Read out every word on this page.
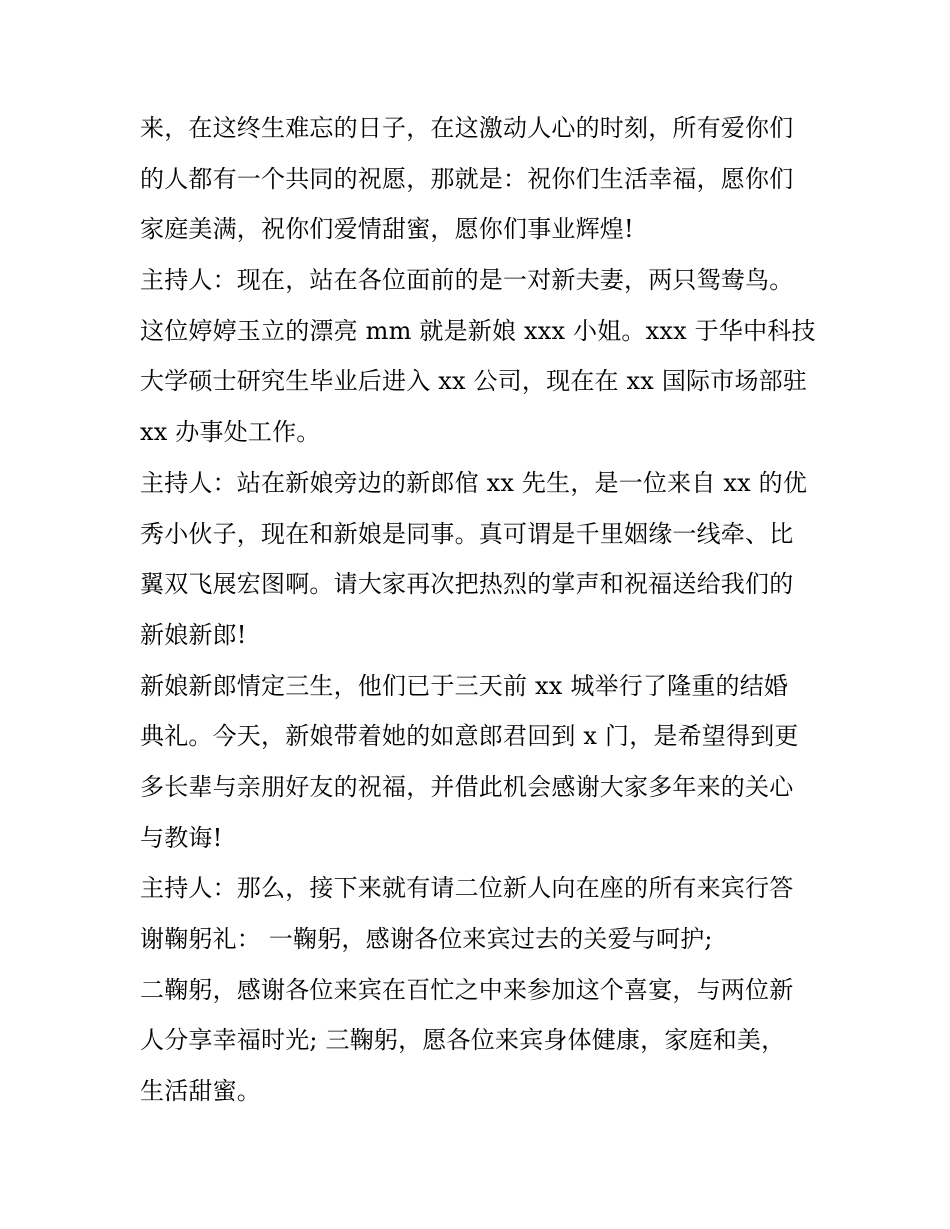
来，在这终生难忘的日子，在这激动人心的时刻，所有爱你们
的人都有一个共同的祝愿，那就是：祝你们生活幸福，愿你们
家庭美满，祝你们爱情甜蜜，愿你们事业辉煌!
主持人：现在，站在各位面前的是一对新夫妻，两只鸳鸯鸟。
这位婷婷玉立的漂亮 mm 就是新娘 xxx 小姐。xxx 于华中科技
大学硕士研究生毕业后进入 xx 公司，现在在 xx 国际市场部驻
xx 办事处工作。
主持人：站在新娘旁边的新郎倌 xx 先生，是一位来自 xx 的优
秀小伙子，现在和新娘是同事。真可谓是千里姻缘一线牵、比
翼双飞展宏图啊。请大家再次把热烈的掌声和祝福送给我们的
新娘新郎!
新娘新郎情定三生，他们已于三天前 xx 城举行了隆重的结婚
典礼。今天，新娘带着她的如意郎君回到 x 门，是希望得到更
多长辈与亲朋好友的祝福，并借此机会感谢大家多年来的关心
与教诲!
主持人：那么，接下来就有请二位新人向在座的所有来宾行答
谢鞠躬礼： 一鞠躬，感谢各位来宾过去的关爱与呵护;
二鞠躬，感谢各位来宾在百忙之中来参加这个喜宴，与两位新
人分享幸福时光; 三鞠躬，愿各位来宾身体健康，家庭和美，
生活甜蜜。
